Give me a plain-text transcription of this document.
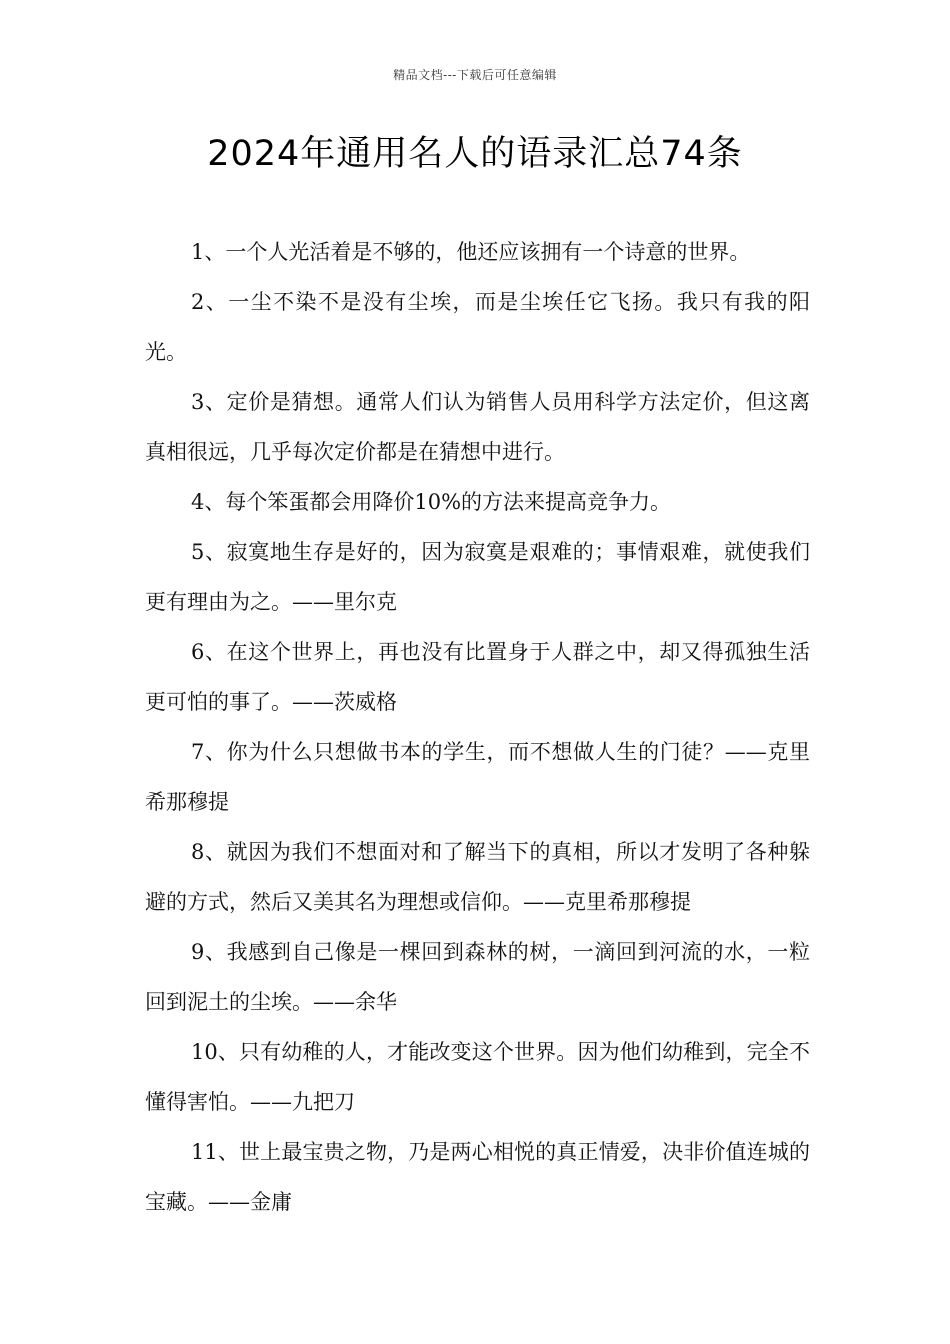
精品文档---下载后可任意编辑
2024年通用名人的语录汇总74条

1、一个人光活着是不够的，他还应该拥有一个诗意的世界。

2、一尘不染不是没有尘埃，而是尘埃任它飞扬。我只有我的阳光。

3、定价是猜想。通常人们认为销售人员用科学方法定价，但这离真相很远，几乎每次定价都是在猜想中进行。

4、每个笨蛋都会用降价10%的方法来提高竞争力。

5、寂寞地生存是好的，因为寂寞是艰难的；事情艰难，就使我们更有理由为之。——里尔克

6、在这个世界上，再也没有比置身于人群之中，却又得孤独生活更可怕的事了。——茨威格

7、你为什么只想做书本的学生，而不想做人生的门徒？——克里希那穆提

8、就因为我们不想面对和了解当下的真相，所以才发明了各种躲避的方式，然后又美其名为理想或信仰。——克里希那穆提

9、我感到自己像是一棵回到森林的树，一滴回到河流的水，一粒回到泥土的尘埃。——余华

10、只有幼稚的人，才能改变这个世界。因为他们幼稚到，完全不懂得害怕。——九把刀

11、世上最宝贵之物，乃是两心相悦的真正情爱，决非价值连城的宝藏。——金庸
